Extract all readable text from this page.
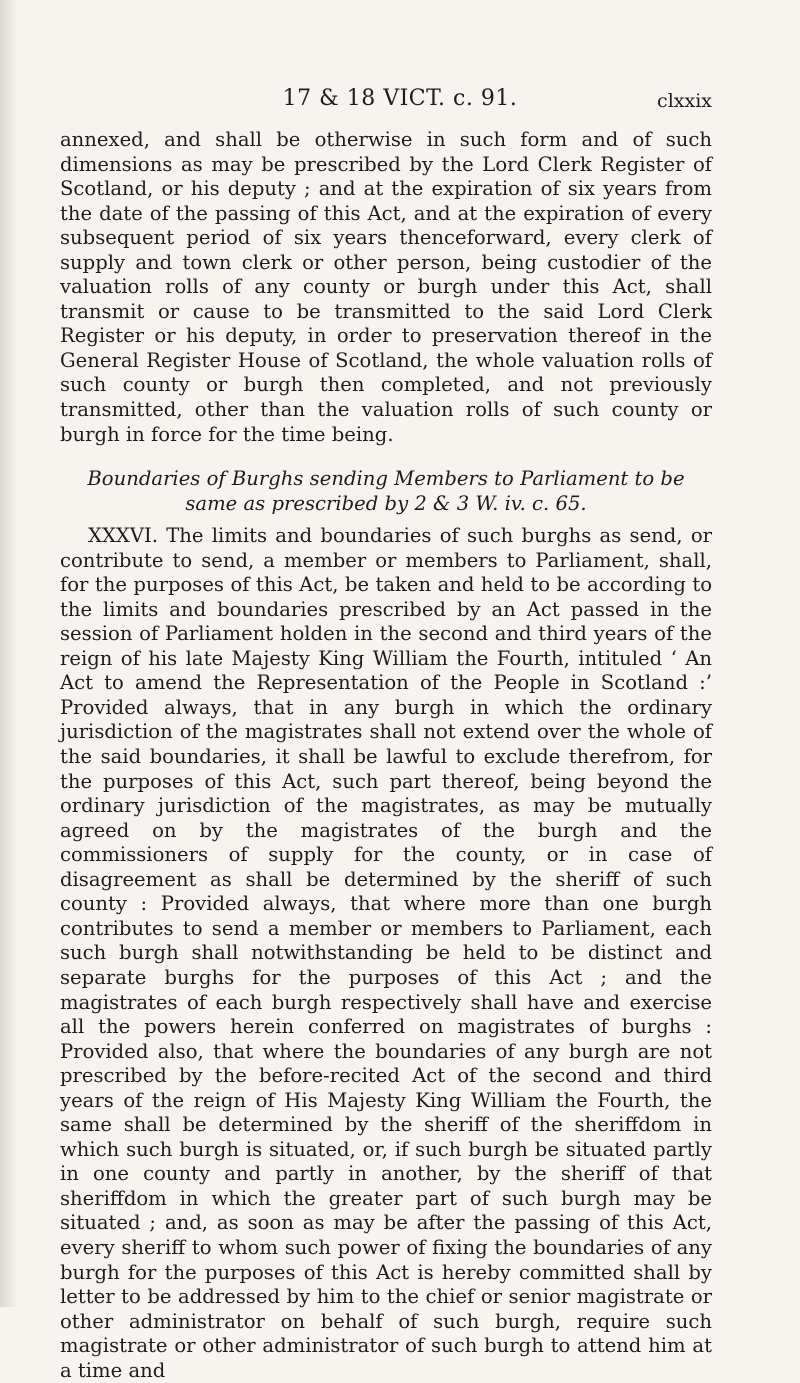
17 & 18 VICT. c. 91.	clxxix

annexed, and shall be otherwise in such form and of such dimensions as may be prescribed by the Lord Clerk Register of Scotland, or his deputy ; and at the expiration of six years from the date of the passing of this Act, and at the expiration of every subsequent period of six years thenceforward, every clerk of supply and town clerk or other person, being custodier of the valuation rolls of any county or burgh under this Act, shall transmit or cause to be transmitted to the said Lord Clerk Register or his deputy, in order to preservation thereof in the General Register House of Scotland, the whole valuation rolls of such county or burgh then completed, and not previously transmitted, other than the valuation rolls of such county or burgh in force for the time being.

Boundaries of Burghs sending Members to Parliament to be same as prescribed by 2 & 3 W. iv. c. 65.

XXXVI. The limits and boundaries of such burghs as send, or contribute to send, a member or members to Parliament, shall, for the purposes of this Act, be taken and held to be according to the limits and boundaries prescribed by an Act passed in the session of Parliament holden in the second and third years of the reign of his late Majesty King William the Fourth, intituled ‘ An Act to amend the Representation of the People in Scotland :’ Provided always, that in any burgh in which the ordinary jurisdiction of the magistrates shall not extend over the whole of the said boundaries, it shall be lawful to exclude therefrom, for the purposes of this Act, such part thereof, being beyond the ordinary jurisdiction of the magistrates, as may be mutually agreed on by the magistrates of the burgh and the commissioners of supply for the county, or in case of disagreement as shall be determined by the sheriff of such county : Provided always, that where more than one burgh contributes to send a member or members to Parliament, each such burgh shall notwithstanding be held to be distinct and separate burghs for the purposes of this Act ; and the magistrates of each burgh respectively shall have and exercise all the powers herein conferred on magistrates of burghs : Provided also, that where the boundaries of any burgh are not prescribed by the before-recited Act of the second and third years of the reign of His Majesty King William the Fourth, the same shall be determined by the sheriff of the sheriffdom in which such burgh is situated, or, if such burgh be situated partly in one county and partly in another, by the sheriff of that sheriffdom in which the greater part of such burgh may be situated ; and, as soon as may be after the passing of this Act, every sheriff to whom such power of fixing the boundaries of any burgh for the purposes of this Act is hereby committed shall by letter to be addressed by him to the chief or senior magistrate or other administrator on behalf of such burgh, require such magistrate or other administrator of such burgh to attend him at a time and
